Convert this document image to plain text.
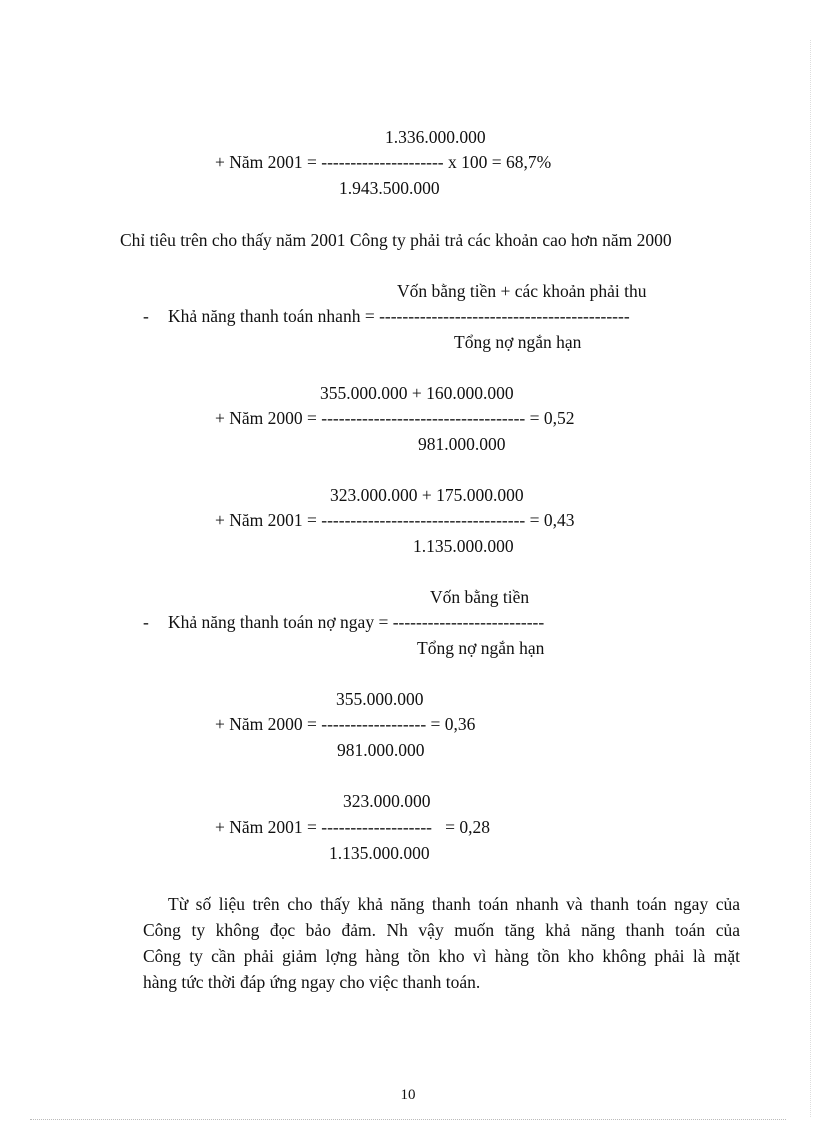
1.336.000.000
+ Năm 2001 = --------------------- x 100 = 68,7%
1.943.500.000
Chỉ tiêu trên cho thấy năm 2001 Công ty phải trả các khoản cao hơn năm 2000
Vốn bằng tiền + các khoản phải thu
- Khả năng thanh toán nhanh = -------------------------------------------
Tổng nợ ngắn hạn
355.000.000 + 160.000.000
+ Năm 2000 = ----------------------------------- = 0,52
981.000.000
323.000.000 + 175.000.000
+ Năm 2001 = ----------------------------------- = 0,43
1.135.000.000
Vốn bằng tiền
- Khả năng thanh toán nợ ngay = --------------------------
Tổng nợ ngắn hạn
355.000.000
+ Năm 2000 = ------------------ = 0,36
981.000.000
323.000.000
+ Năm 2001 = -------------------   = 0,28
1.135.000.000
Từ số liệu trên cho thấy khả năng thanh toán nhanh và thanh toán ngay của
Công ty không đọc bảo đảm. Nh vậy muốn tăng khả năng thanh toán của
Công ty cần phải giảm lợng hàng tồn kho vì hàng tồn kho không phải là mặt
hàng tức thời đáp ứng ngay cho việc thanh toán.
10
